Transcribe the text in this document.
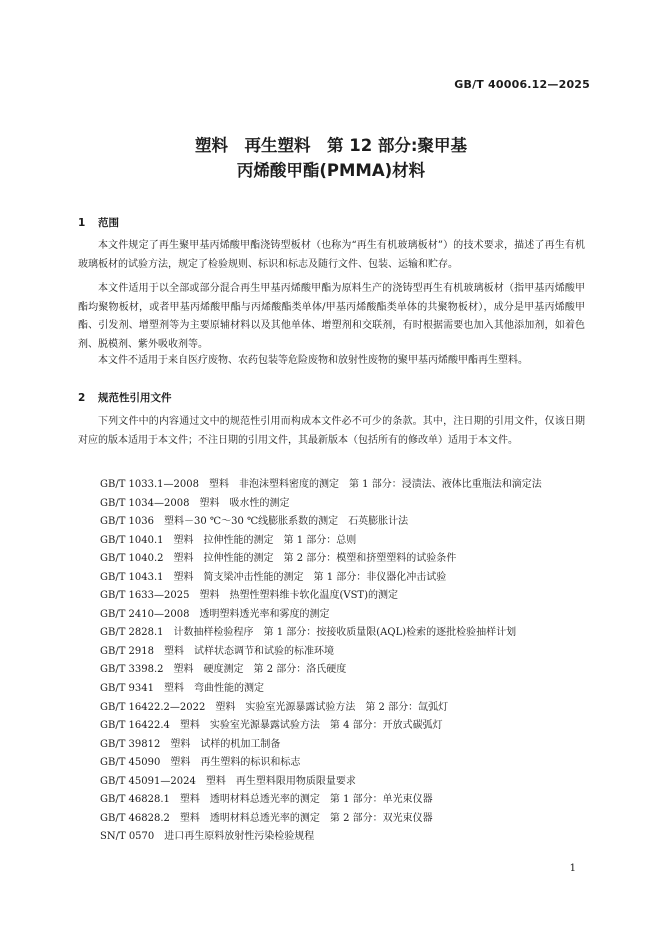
GB/T 40006.12—2025
塑料　再生塑料　第 12 部分:聚甲基
丙烯酸甲酯(PMMA)材料
1 范围

本文件规定了再生聚甲基丙烯酸甲酯浇铸型板材（也称为“再生有机玻璃板材”）的技术要求，描述了再生有机玻璃板材的试验方法，规定了检验规则、标识和标志及随行文件、包装、运输和贮存。

本文件适用于以全部或部分混合再生甲基丙烯酸甲酯为原料生产的浇铸型再生有机玻璃板材（指甲基丙烯酸甲酯均聚物板材，或者甲基丙烯酸甲酯与丙烯酸酯类单体/甲基丙烯酸酯类单体的共聚物板材），成分是甲基丙烯酸甲酯、引发剂、增塑剂等为主要原辅材料以及其他单体、增塑剂和交联剂，有时根据需要也加入其他添加剂，如着色剂、脱模剂、紫外吸收剂等。

本文件不适用于来自医疗废物、农药包装等危险废物和放射性废物的聚甲基丙烯酸甲酯再生塑料。

2 规范性引用文件

下列文件中的内容通过文中的规范性引用而构成本文件必不可少的条款。其中，注日期的引用文件，仅该日期对应的版本适用于本文件；不注日期的引用文件，其最新版本（包括所有的修改单）适用于本文件。

GB/T 1033.1—2008　塑料　非泡沫塑料密度的测定　第 1 部分：浸渍法、液体比重瓶法和滴定法
GB/T 1034—2008　塑料　吸水性的测定
GB/T 1036　塑料－30 ℃～30 ℃线膨胀系数的测定　石英膨胀计法
GB/T 1040.1　塑料　拉伸性能的测定　第 1 部分：总则
GB/T 1040.2　塑料　拉伸性能的测定　第 2 部分：模塑和挤塑塑料的试验条件
GB/T 1043.1　塑料　简支梁冲击性能的测定　第 1 部分：非仪器化冲击试验
GB/T 1633—2025　塑料　热塑性塑料维卡软化温度(VST)的测定
GB/T 2410—2008　透明塑料透光率和雾度的测定
GB/T 2828.1　计数抽样检验程序　第 1 部分：按接收质量限(AQL)检索的逐批检验抽样计划
GB/T 2918　塑料　试样状态调节和试验的标准环境
GB/T 3398.2　塑料　硬度测定　第 2 部分：洛氏硬度
GB/T 9341　塑料　弯曲性能的测定
GB/T 16422.2—2022　塑料　实验室光源暴露试验方法　第 2 部分：氙弧灯
GB/T 16422.4　塑料　实验室光源暴露试验方法　第 4 部分：开放式碳弧灯
GB/T 39812　塑料　试样的机加工制备
GB/T 45090　塑料　再生塑料的标识和标志
GB/T 45091—2024　塑料　再生塑料限用物质限量要求
GB/T 46828.1　塑料　透明材料总透光率的测定　第 1 部分：单光束仪器
GB/T 46828.2　塑料　透明材料总透光率的测定　第 2 部分：双光束仪器
SN/T 0570　进口再生原料放射性污染检验规程
1
